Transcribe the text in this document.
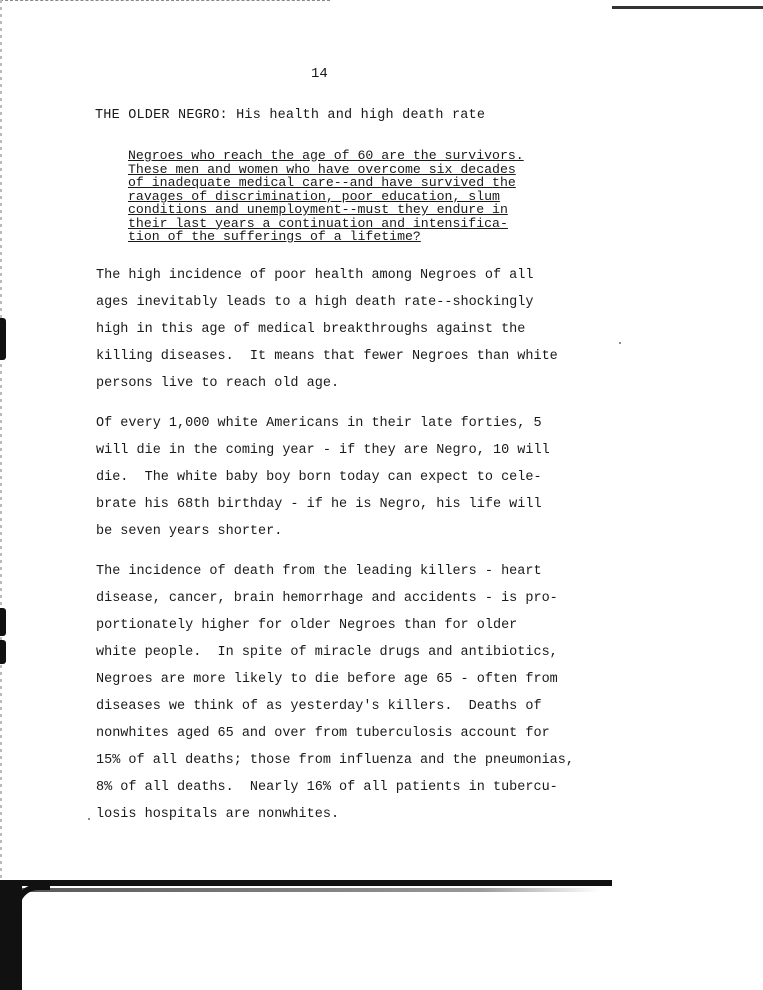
14
THE OLDER NEGRO: His health and high death rate
Negroes who reach the age of 60 are the survivors.
These men and women who have overcome six decades
of inadequate medical care--and have survived the
ravages of discrimination, poor education, slum
conditions and unemployment--must they endure in
their last years a continuation and intensifica-
tion of the sufferings of a lifetime?
The high incidence of poor health among Negroes of all
ages inevitably leads to a high death rate--shockingly
high in this age of medical breakthroughs against the
killing diseases.  It means that fewer Negroes than white
persons live to reach old age.
Of every 1,000 white Americans in their late forties, 5
will die in the coming year - if they are Negro, 10 will
die.  The white baby boy born today can expect to cele-
brate his 68th birthday - if he is Negro, his life will
be seven years shorter.
The incidence of death from the leading killers - heart
disease, cancer, brain hemorrhage and accidents - is pro-
portionately higher for older Negroes than for older
white people.  In spite of miracle drugs and antibiotics,
Negroes are more likely to die before age 65 - often from
diseases we think of as yesterday's killers.  Deaths of
nonwhites aged 65 and over from tuberculosis account for
15% of all deaths; those from influenza and the pneumonias,
8% of all deaths.  Nearly 16% of all patients in tubercu-
losis hospitals are nonwhites.
